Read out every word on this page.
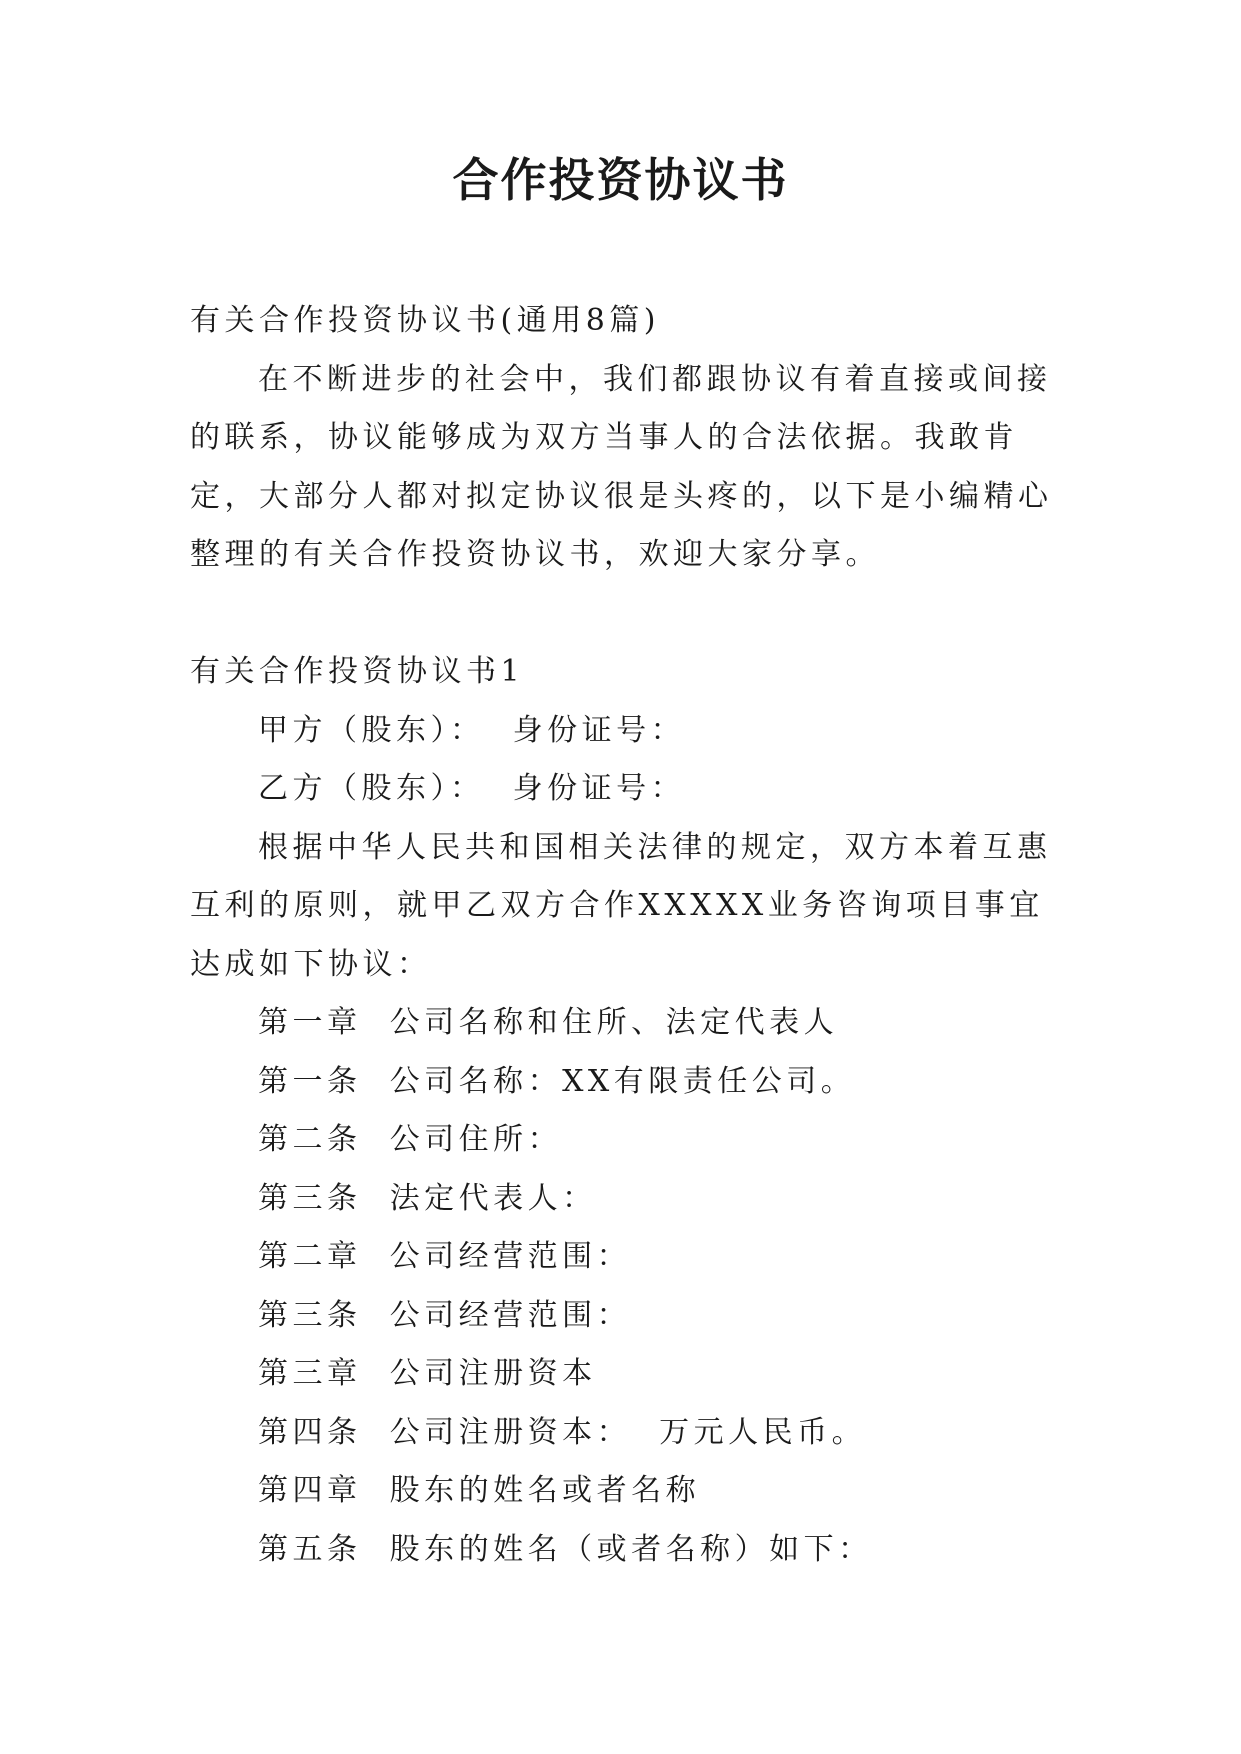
合作投资协议书

有关合作投资协议书(通用8篇)

在不断进步的社会中，我们都跟协议有着直接或间接的联系，协议能够成为双方当事人的合法依据。我敢肯定，大部分人都对拟定协议很是头疼的，以下是小编精心整理的有关合作投资协议书，欢迎大家分享。

有关合作投资协议书1

甲方（股东）：  身份证号：

乙方（股东）：  身份证号：

根据中华人民共和国相关法律的规定，双方本着互惠互利的原则，就甲乙双方合作XXXXX业务咨询项目事宜达成如下协议：

第一章  公司名称和住所、法定代表人

第一条  公司名称：XX有限责任公司。

第二条  公司住所：

第三条  法定代表人：

第二章  公司经营范围：

第三条  公司经营范围：

第三章  公司注册资本

第四条  公司注册资本：  万元人民币。

第四章  股东的姓名或者名称

第五条  股东的姓名（或者名称）如下：
